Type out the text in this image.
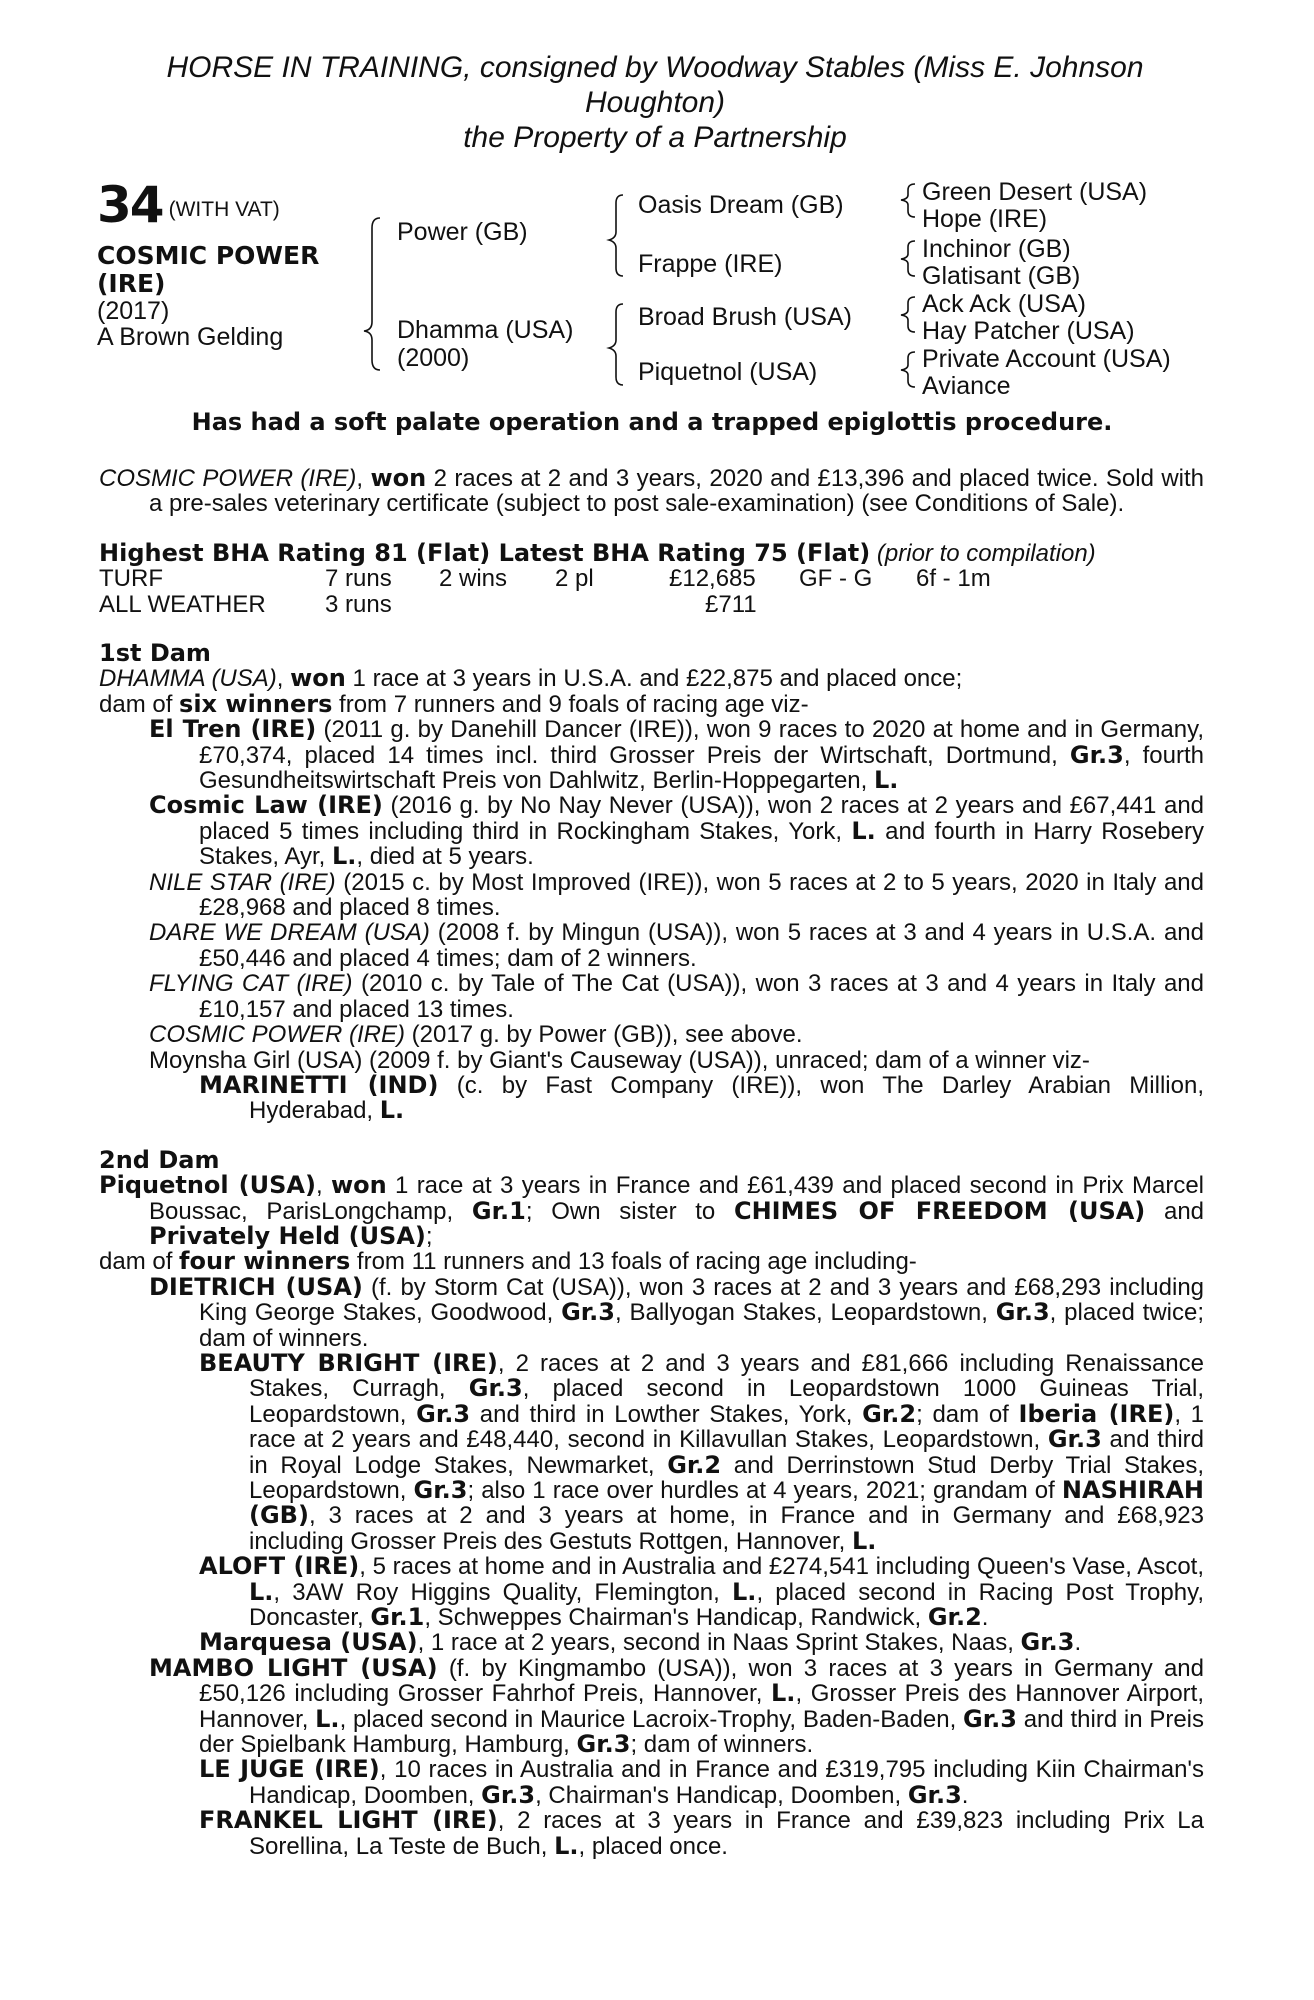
HORSE IN TRAINING, consigned by Woodway Stables (Miss E. Johnson
Houghton)
the Property of a Partnership
34 (WITH VAT)
COSMIC POWER
(IRE)
(2017)
A Brown Gelding
Power (GB)
Dhamma (USA)
(2000)
Oasis Dream (GB)
Frappe (IRE)
Broad Brush (USA)
Piquetnol (USA)
Green Desert (USA)
Hope (IRE)
Inchinor (GB)
Glatisant (GB)
Ack Ack (USA)
Hay Patcher (USA)
Private Account (USA)
Aviance
Has had a soft palate operation and a trapped epiglottis procedure.
COSMIC POWER (IRE), won 2 races at 2 and 3 years, 2020 and £13,396 and placed twice. Sold with a pre-sales veterinary certificate (subject to post sale-examination) (see Conditions of Sale).
Highest BHA Rating 81 (Flat) Latest BHA Rating 75 (Flat) (prior to compilation)
TURF	7 runs 2 wins 2 pl	£12,685 GF - G 6f - 1m
ALL WEATHER 3 runs	£711
1st Dam
DHAMMA (USA), won 1 race at 3 years in U.S.A. and £22,875 and placed once;
dam of six winners from 7 runners and 9 foals of racing age viz-
El Tren (IRE) (2011 g. by Danehill Dancer (IRE)), won 9 races to 2020 at home and in Germany, £70,374, placed 14 times incl. third Grosser Preis der Wirtschaft, Dortmund, Gr.3, fourth Gesundheitswirtschaft Preis von Dahlwitz, Berlin-Hoppegarten, L.
Cosmic Law (IRE) (2016 g. by No Nay Never (USA)), won 2 races at 2 years and £67,441 and placed 5 times including third in Rockingham Stakes, York, L. and fourth in Harry Rosebery Stakes, Ayr, L., died at 5 years.
NILE STAR (IRE) (2015 c. by Most Improved (IRE)), won 5 races at 2 to 5 years, 2020 in Italy and £28,968 and placed 8 times.
DARE WE DREAM (USA) (2008 f. by Mingun (USA)), won 5 races at 3 and 4 years in U.S.A. and £50,446 and placed 4 times; dam of 2 winners.
FLYING CAT (IRE) (2010 c. by Tale of The Cat (USA)), won 3 races at 3 and 4 years in Italy and £10,157 and placed 13 times.
COSMIC POWER (IRE) (2017 g. by Power (GB)), see above.
Moynsha Girl (USA) (2009 f. by Giant's Causeway (USA)), unraced; dam of a winner viz-
MARINETTI (IND) (c. by Fast Company (IRE)), won The Darley Arabian Million, Hyderabad, L.
2nd Dam
Piquetnol (USA), won 1 race at 3 years in France and £61,439 and placed second in Prix Marcel Boussac, ParisLongchamp, Gr.1; Own sister to CHIMES OF FREEDOM (USA) and Privately Held (USA);
dam of four winners from 11 runners and 13 foals of racing age including-
DIETRICH (USA) (f. by Storm Cat (USA)), won 3 races at 2 and 3 years and £68,293 including King George Stakes, Goodwood, Gr.3, Ballyogan Stakes, Leopardstown, Gr.3, placed twice; dam of winners.
BEAUTY BRIGHT (IRE), 2 races at 2 and 3 years and £81,666 including Renaissance Stakes, Curragh, Gr.3, placed second in Leopardstown 1000 Guineas Trial, Leopardstown, Gr.3 and third in Lowther Stakes, York, Gr.2; dam of Iberia (IRE), 1 race at 2 years and £48,440, second in Killavullan Stakes, Leopardstown, Gr.3 and third in Royal Lodge Stakes, Newmarket, Gr.2 and Derrinstown Stud Derby Trial Stakes, Leopardstown, Gr.3; also 1 race over hurdles at 4 years, 2021; grandam of NASHIRAH (GB), 3 races at 2 and 3 years at home, in France and in Germany and £68,923 including Grosser Preis des Gestuts Rottgen, Hannover, L.
ALOFT (IRE), 5 races at home and in Australia and £274,541 including Queen's Vase, Ascot, L., 3AW Roy Higgins Quality, Flemington, L., placed second in Racing Post Trophy, Doncaster, Gr.1, Schweppes Chairman's Handicap, Randwick, Gr.2.
Marquesa (USA), 1 race at 2 years, second in Naas Sprint Stakes, Naas, Gr.3.
MAMBO LIGHT (USA) (f. by Kingmambo (USA)), won 3 races at 3 years in Germany and £50,126 including Grosser Fahrhof Preis, Hannover, L., Grosser Preis des Hannover Airport, Hannover, L., placed second in Maurice Lacroix-Trophy, Baden-Baden, Gr.3 and third in Preis der Spielbank Hamburg, Hamburg, Gr.3; dam of winners.
LE JUGE (IRE), 10 races in Australia and in France and £319,795 including Kiin Chairman's Handicap, Doomben, Gr.3, Chairman's Handicap, Doomben, Gr.3.
FRANKEL LIGHT (IRE), 2 races at 3 years in France and £39,823 including Prix La Sorellina, La Teste de Buch, L., placed once.
